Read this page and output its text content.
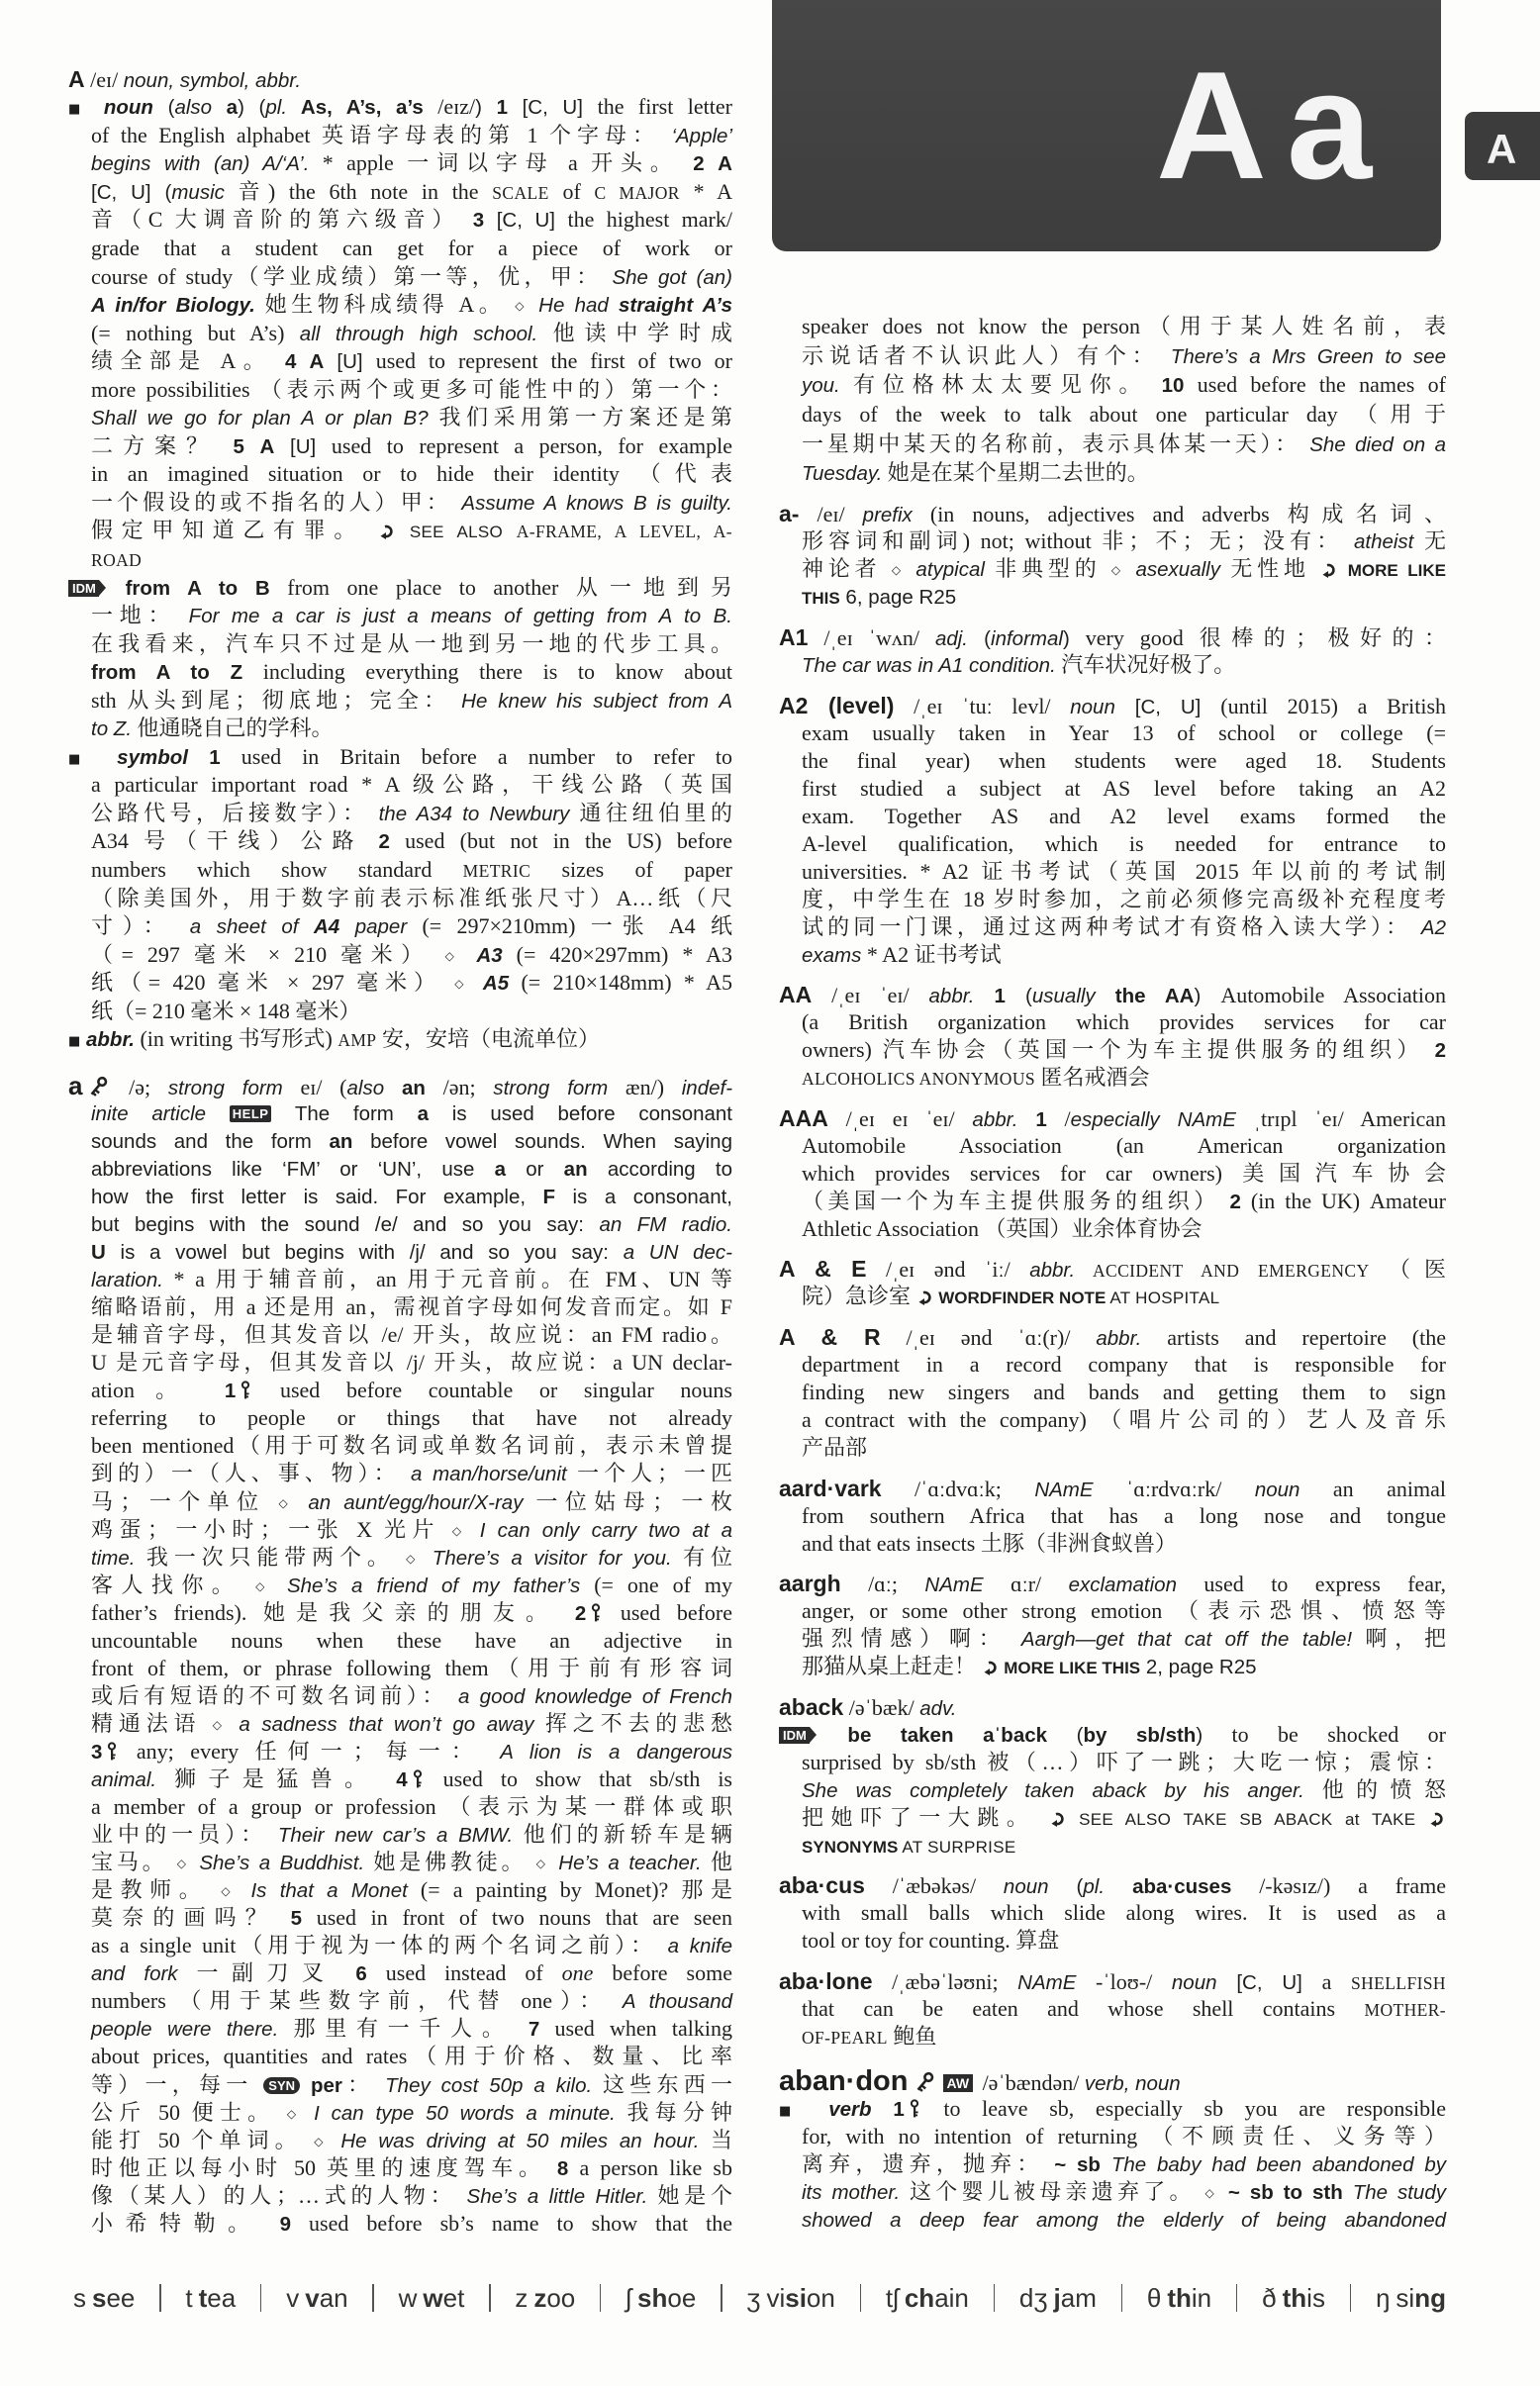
Aa	A
A /eɪ/ noun, symbol, abbr.
■ noun (also a) (pl. As, A’s, a’s /eɪz/) 1 [C, U] the first letter
of the English alphabet 英语字母表的第 1 个字母： ‘Apple’
begins with (an) A/‘A’. * apple 一词以字母 a 开头。 2 A
[C, U] (music 音) the 6th note in the SCALE of C MAJOR * A
音（C 大调音阶的第六级音） 3 [C, U] the highest mark/
grade that a student can get for a piece of work or
course of study（学业成绩）第一等，优，甲： She got (an)
A in/for Biology. 她生物科成绩得 A。 ◇ He had straight A’s
(= nothing but A’s) all through high school. 他读中学时成
绩全部是 A。 4 A [U] used to represent the first of two or
more possibilities （表示两个或更多可能性中的）第一个：
Shall we go for plan A or plan B? 我们采用第一方案还是第
二方案？ 5 A [U] used to represent a person, for example
in an imagined situation or to hide their identity （代表
一个假设的或不指名的人）甲： Assume A knows B is guilty.
假定甲知道乙有罪。  SEE ALSO A-FRAME, A LEVEL, A-
ROAD
IDM from A to B from one place to another 从一地到另
一地： For me a car is just a means of getting from A to B.
在我看来，汽车只不过是从一地到另一地的代步工具。
from A to Z including everything there is to know about
sth 从头到尾；彻底地；完全： He knew his subject from A
to Z. 他通晓自己的学科。
■ symbol 1 used in Britain before a number to refer to
a particular important road * A 级公路，干线公路（英国
公路代号，后接数字）： the A34 to Newbury 通往纽伯里的
A34 号（干线）公路 2 used (but not in the US) before
numbers which show standard METRIC sizes of paper
（除美国外，用于数字前表示标准纸张尺寸）A…纸（尺
寸）： a sheet of A4 paper (= 297×210mm) 一张 A4 纸
（= 297 毫米 × 210 毫米） ◇ A3 (= 420×297mm) * A3
纸（= 420 毫米 × 297 毫米） ◇ A5 (= 210×148mm) * A5
纸（= 210 毫米 × 148 毫米）
■ abbr. (in writing 书写形式) AMP 安，安培（电流单位）
a /ə; strong form eɪ/ (also an /ən; strong form æn/) indef-
inite article HELP The form a is used before consonant
sounds and the form an before vowel sounds. When saying
abbreviations like ‘FM’ or ‘UN’, use a or an according to
how the first letter is said. For example, F is a consonant,
but begins with the sound /e/ and so you say: an FM radio.
U is a vowel but begins with /j/ and so you say: a UN dec-
laration. * a 用于辅音前，an 用于元音前。在 FM、UN 等
缩略语前，用 a 还是用 an，需视首字母如何发音而定。如 F
是辅音字母，但其发音以 /e/ 开头，故应说：an FM radio。
U 是元音字母，但其发音以 /j/ 开头，故应说：a UN declar-
ation。 1 used before countable or singular nouns
referring to people or things that have not already
been mentioned（用于可数名词或单数名词前，表示未曾提
到的）一（人、事、物）： a man/horse/unit 一个人；一匹
马；一个单位 ◇ an aunt/egg/hour/X-ray 一位姑母；一枚
鸡蛋；一小时；一张 X 光片 ◇ I can only carry two at a
time. 我一次只能带两个。 ◇ There’s a visitor for you. 有位
客人找你。 ◇ She’s a friend of my father’s (= one of my
father’s friends). 她是我父亲的朋友。 2 used before
uncountable nouns when these have an adjective in
front of them, or phrase following them（用于前有形容词
或后有短语的不可数名词前）： a good knowledge of French
精通法语 ◇ a sadness that won’t go away 挥之不去的悲愁
3 any; every 任何一；每一： A lion is a dangerous
animal. 狮子是猛兽。 4 used to show that sb/sth is
a member of a group or profession （表示为某一群体或职
业中的一员）： Their new car’s a BMW. 他们的新轿车是辆
宝马。 ◇ She’s a Buddhist. 她是佛教徒。 ◇ He’s a teacher. 他
是教师。 ◇ Is that a Monet (= a painting by Monet)? 那是
莫奈的画吗？ 5 used in front of two nouns that are seen
as a single unit（用于视为一体的两个名词之前）： a knife
and fork 一副刀叉 6 used instead of one before some
numbers （用于某些数字前，代替 one）： A thousand
people were there. 那里有一千人。 7 used when talking
about prices, quantities and rates（用于价格、数量、比率
等）一，每一 SYN per： They cost 50p a kilo. 这些东西一
公斤 50 便士。 ◇ I can type 50 words a minute. 我每分钟
能打 50 个单词。 ◇ He was driving at 50 miles an hour. 当
时他正以每小时 50 英里的速度驾车。 8 a person like sb
像（某人）的人；…式的人物： She’s a little Hitler. 她是个
小希特勒。 9 used before sb’s name to show that the
speaker does not know the person（用于某人姓名前，表
示说话者不认识此人）有个： There’s a Mrs Green to see
you. 有位格林太太要见你。 10 used before the names of
days of the week to talk about one particular day （用于
一星期中某天的名称前，表示具体某一天）： She died on a
Tuesday. 她是在某个星期二去世的。
a- /eɪ/ prefix (in nouns, adjectives and adverbs 构成名词、
形容词和副词) not; without 非；不；无；没有： atheist 无
神论者 ◇ atypical 非典型的 ◇ asexually 无性地  MORE LIKE
THIS 6, page R25
A1 /ˌeɪ ˈwʌn/ adj. (informal) very good 很棒的；极好的：
The car was in A1 condition. 汽车状况好极了。
A2 (level) /ˌeɪ ˈtuː levl/ noun [C, U] (until 2015) a British
exam usually taken in Year 13 of school or college (=
the final year) when students were aged 18. Students
first studied a subject at AS level before taking an A2
exam. Together AS and A2 level exams formed the
A-level qualification, which is needed for entrance to
universities. * A2 证书考试（英国 2015 年以前的考试制
度，中学生在 18 岁时参加，之前必须修完高级补充程度考
试的同一门课，通过这两种考试才有资格入读大学）： A2
exams * A2 证书考试
AA /ˌeɪ ˈeɪ/ abbr. 1 (usually the AA) Automobile Association
(a British organization which provides services for car
owners) 汽车协会（英国一个为车主提供服务的组织） 2
ALCOHOLICS ANONYMOUS 匿名戒酒会
AAA /ˌeɪ eɪ ˈeɪ/ abbr. 1 /especially NAmE ˌtrɪpl ˈeɪ/ American
Automobile Association (an American organization
which provides services for car owners) 美国汽车协会
（美国一个为车主提供服务的组织） 2 (in the UK) Amateur
Athletic Association （英国）业余体育协会
A & E /ˌeɪ ənd ˈiː/ abbr. ACCIDENT AND EMERGENCY （医
院）急诊室  WORDFINDER NOTE AT HOSPITAL
A & R /ˌeɪ ənd ˈɑː(r)/ abbr. artists and repertoire (the
department in a record company that is responsible for
finding new singers and bands and getting them to sign
a contract with the company) （唱片公司的）艺人及音乐
产品部
aard·vark /ˈɑːdvɑːk; NAmE ˈɑːrdvɑːrk/ noun an animal
from southern Africa that has a long nose and tongue
and that eats insects 土豚（非洲食蚁兽）
aargh /ɑː; NAmE ɑːr/ exclamation used to express fear,
anger, or some other strong emotion （表示恐惧、愤怒等
强烈情感）啊： Aargh—get that cat off the table! 啊，把
那猫从桌上赶走！  MORE LIKE THIS 2, page R25
aback /əˈbæk/ adv.
IDM be taken aˈback (by sb/sth) to be shocked or
surprised by sb/sth 被（…）吓了一跳；大吃一惊；震惊：
She was completely taken aback by his anger. 他的愤怒
把她吓了一大跳。  SEE ALSO TAKE SB ABACK at TAKE
SYNONYMS AT SURPRISE
aba·cus /ˈæbəkəs/ noun (pl. aba·cuses /-kəsɪz/) a frame
with small balls which slide along wires. It is used as a
tool or toy for counting. 算盘
aba·lone /ˌæbəˈləʊni; NAmE -ˈloʊ-/ noun [C, U] a SHELLFISH
that can be eaten and whose shell contains MOTHER-
OF-PEARL 鲍鱼
aban·don	AW /əˈbændən/ verb, noun
■ verb 1 to leave sb, especially sb you are responsible
for, with no intention of returning （不顾责任、义务等）
离弃，遗弃，抛弃： ~ sb The baby had been abandoned by
its mother. 这个婴儿被母亲遗弃了。 ◇ ~ sb to sth The study
showed a deep fear among the elderly of being abandoned
s see t tea v van w wet z zoo ʃ shoe ʒ vision tʃ chain dʒ jam θ thin ð this ŋ sing
